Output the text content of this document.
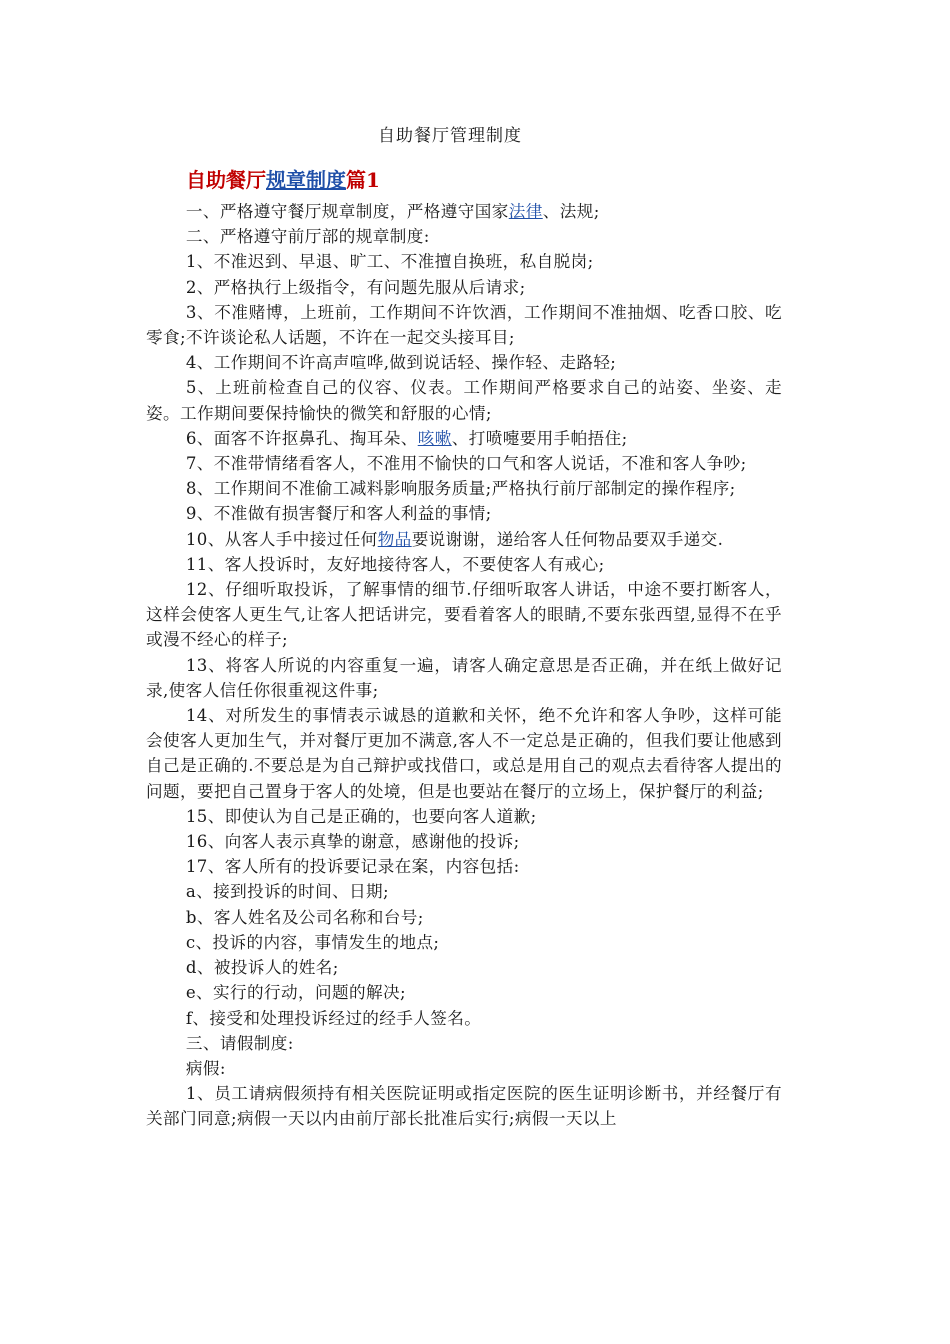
自助餐厅管理制度
自助餐厅规章制度篇1

一、严格遵守餐厅规章制度，严格遵守国家法律、法规;

二、严格遵守前厅部的规章制度:

1、不准迟到、早退、旷工、不准擅自换班，私自脱岗;

2、严格执行上级指令，有问题先服从后请求;

3、不准赌博，上班前，工作期间不许饮酒，工作期间不准抽烟、吃香口胶、吃零食;不许谈论私人话题，不许在一起交头接耳目;

4、工作期间不许高声喧哗,做到说话轻、操作轻、走路轻;

5、上班前检查自己的仪容、仪表。工作期间严格要求自己的站姿、坐姿、走姿。工作期间要保持愉快的微笑和舒服的心情;

6、面客不许抠鼻孔、掏耳朵、咳嗽、打喷嚏要用手帕捂住;

7、不准带情绪看客人，不准用不愉快的口气和客人说话，不准和客人争吵;

8、工作期间不准偷工减料影响服务质量;严格执行前厅部制定的操作程序;

9、不准做有损害餐厅和客人利益的事情;

10、从客人手中接过任何物品要说谢谢，递给客人任何物品要双手递交.

11、客人投诉时，友好地接待客人，不要使客人有戒心;

12、仔细听取投诉，了解事情的细节.仔细听取客人讲话，中途不要打断客人，这样会使客人更生气,让客人把话讲完，要看着客人的眼睛,不要东张西望,显得不在乎或漫不经心的样子;

13、将客人所说的内容重复一遍，请客人确定意思是否正确，并在纸上做好记录,使客人信任你很重视这件事;

14、对所发生的事情表示诚恳的道歉和关怀，绝不允许和客人争吵，这样可能会使客人更加生气，并对餐厅更加不满意,客人不一定总是正确的，但我们要让他感到自己是正确的.不要总是为自己辩护或找借口，或总是用自己的观点去看待客人提出的问题，要把自己置身于客人的处境，但是也要站在餐厅的立场上，保护餐厅的利益;

15、即使认为自己是正确的，也要向客人道歉;

16、向客人表示真挚的谢意，感谢他的投诉;

17、客人所有的投诉要记录在案，内容包括:

a、接到投诉的时间、日期;

b、客人姓名及公司名称和台号;

c、投诉的内容，事情发生的地点;

d、被投诉人的姓名;

e、实行的行动，问题的解决;

f、接受和处理投诉经过的经手人签名。

三、请假制度:

病假:

1、员工请病假须持有相关医院证明或指定医院的医生证明诊断书，并经餐厅有关部门同意;病假一天以内由前厅部长批准后实行;病假一天以上
